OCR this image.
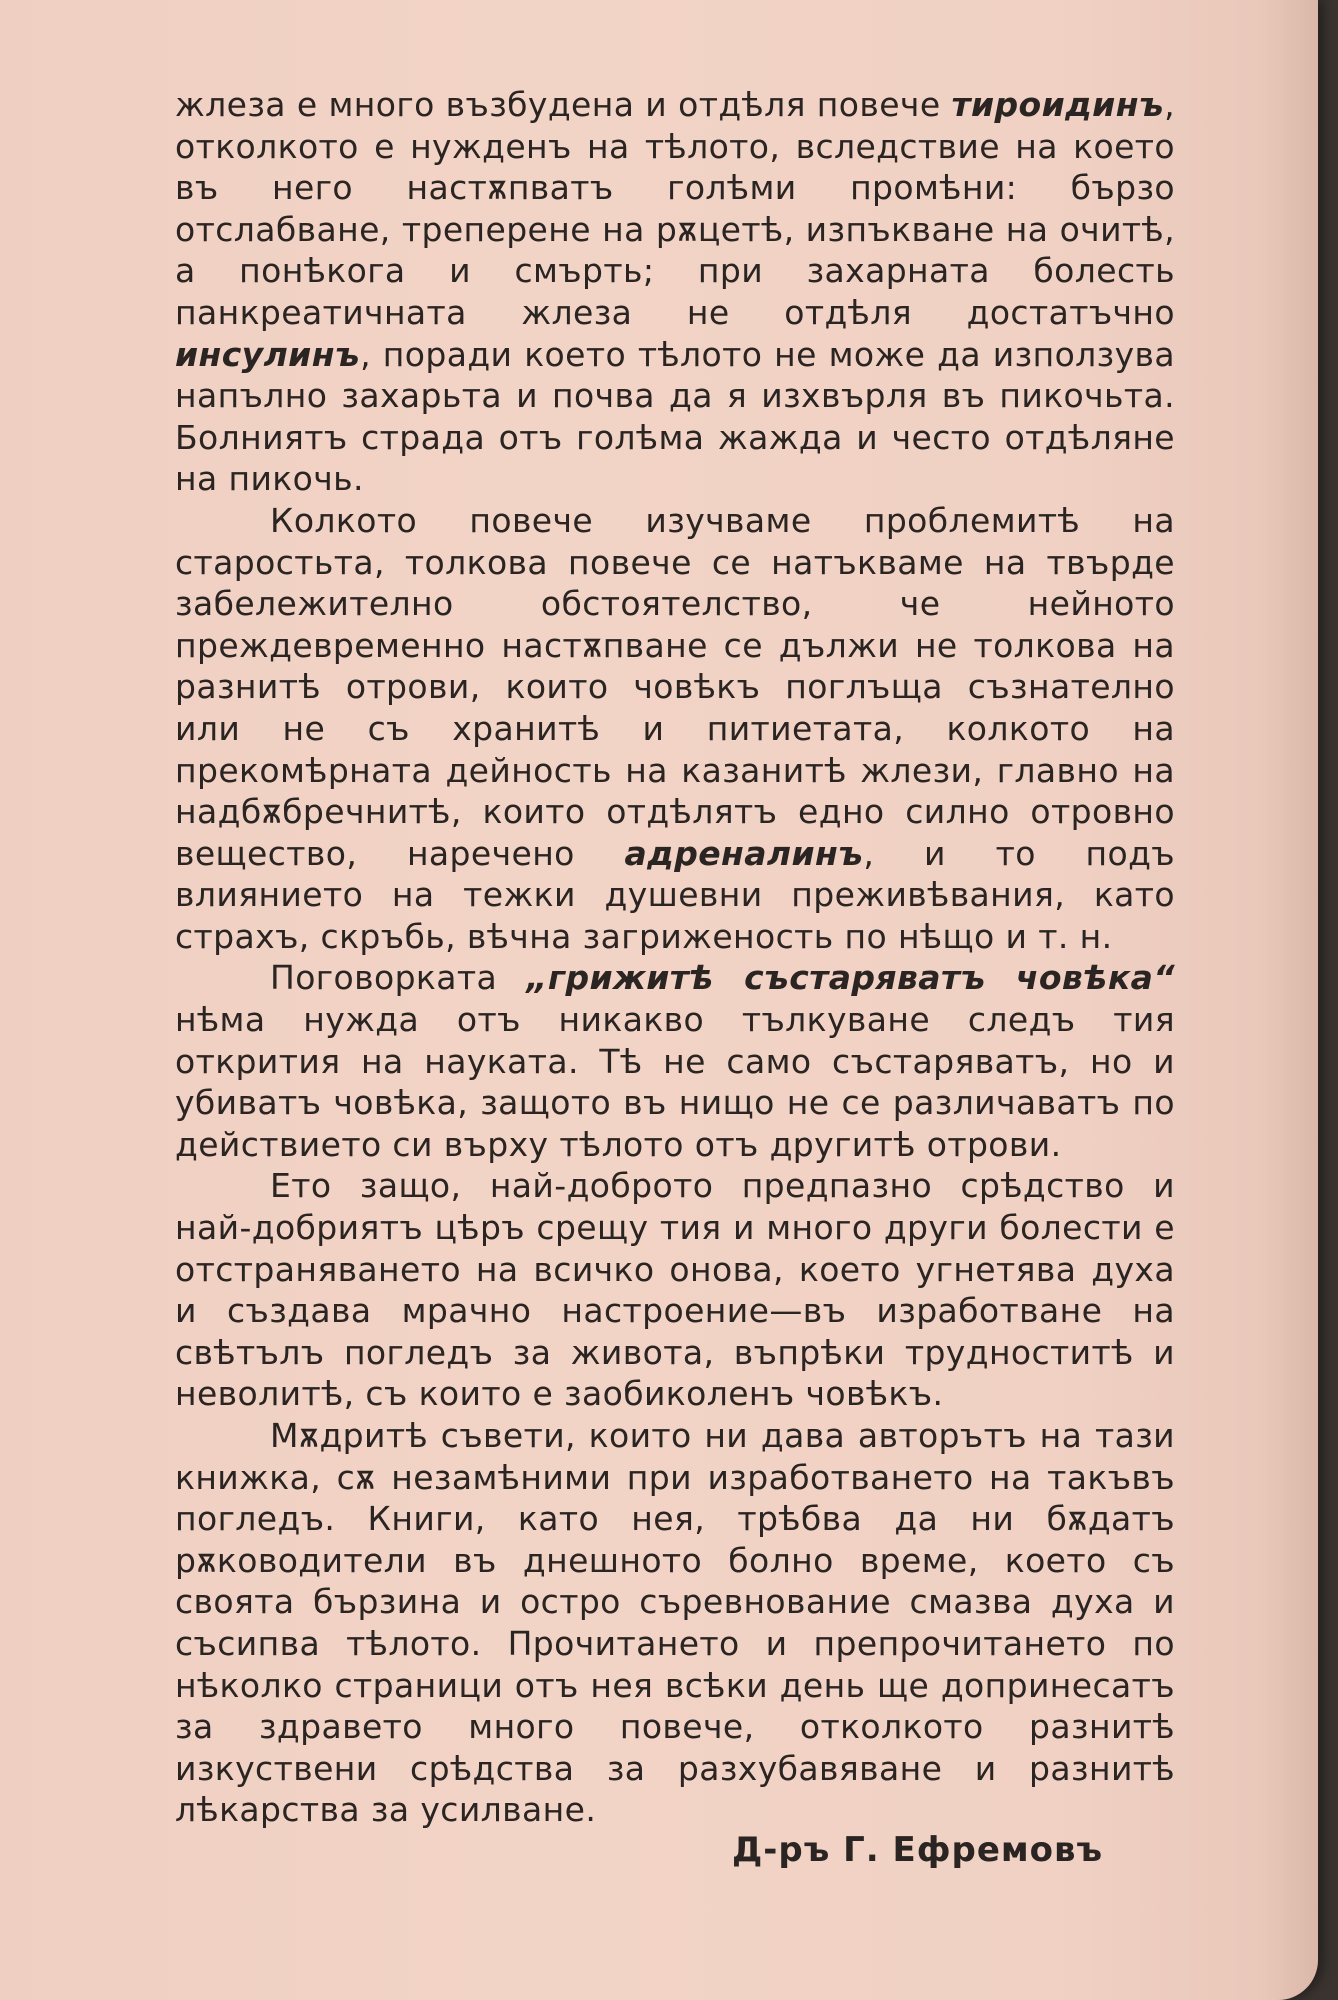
жлеза е много възбудена и отдѣля повече тироидинъ, отколкото е нужденъ на тѣлото, вследствие на което въ него настѫпватъ голѣми промѣни: бързо отслабване, треперене на рѫцетѣ, изпъкване на очитѣ, а понѣкога и смърть; при захарната болесть панкреатичната жлеза не отдѣля достатъчно инсулинъ, поради което тѣлото не може да използува напълно захарьта и почва да я изхвърля въ пикочьта. Болниятъ страда отъ голѣма жажда и често отдѣляне на пикочь.

Колкото повече изучваме проблемитѣ на старостьта, толкова повече се натъкваме на твърде забележително обстоятелство, че нейното преждевременно настѫпване се дължи не толкова на разнитѣ отрови, които човѣкъ поглъща съзнателно или не съ хранитѣ и питиетата, колкото на прекомѣрната дейность на казанитѣ жлези, главно на надбѫбречнитѣ, които отдѣлятъ едно силно отровно вещество, наречено адреналинъ, и то подъ влиянието на тежки душевни преживѣвания, като страхъ, скръбь, вѣчна загриженость по нѣщо и т. н.

Поговорката „грижитѣ състаряватъ човѣка“ нѣма нужда отъ никакво тълкуване следъ тия открития на науката. Тѣ не само състаряватъ, но и убиватъ човѣка, защото въ нищо не се различаватъ по действието си върху тѣлото отъ другитѣ отрови.

Ето защо, най-доброто предпазно срѣдство и най-добриятъ цѣръ срещу тия и много други болести е отстраняването на всичко онова, което угнетява духа и създава мрачно настроение—въ изработване на свѣтълъ погледъ за живота, въпрѣки трудноститѣ и неволитѣ, съ които е заобиколенъ човѣкъ.

Мѫдритѣ съвети, които ни дава авторътъ на тази книжка, сѫ незамѣними при изработването на такъвъ погледъ. Книги, като нея, трѣбва да ни бѫдатъ рѫководители въ днешното болно време, което съ своята бързина и остро съревнование смазва духа и съсипва тѣлото. Прочитането и препрочитането по нѣколко страници отъ нея всѣки день ще допринесатъ за здравето много повече, отколкото разнитѣ изкуствени срѣдства за разхубавяване и разнитѣ лѣкарства за усилване.

Д-ръ Г. Ефремовъ
